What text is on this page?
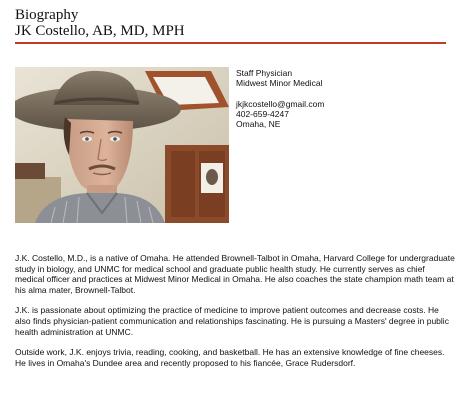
Biography
JK Costello, AB, MD, MPH
Staff Physician
Midwest Minor Medical
jkjkcostello@gmail.com
402-659-4247
Omaha, NE

J.K. Costello, M.D., is a native of Omaha. He attended Brownell-Talbot in Omaha, Harvard College for undergraduate study in biology, and UNMC for medical school and graduate public health study. He currently serves as chief medical officer and practices at Midwest Minor Medical in Omaha. He also coaches the state champion math team at his alma mater, Brownell-Talbot.

J.K. is passionate about optimizing the practice of medicine to improve patient outcomes and decrease costs. He also finds physician-patient communication and relationships fascinating. He is pursuing a Masters' degree in public health administration at UNMC.

Outside work, J.K. enjoys trivia, reading, cooking, and basketball. He has an extensive knowledge of fine cheeses. He lives in Omaha's Dundee area and recently proposed to his fiancée, Grace Rudersdorf.
